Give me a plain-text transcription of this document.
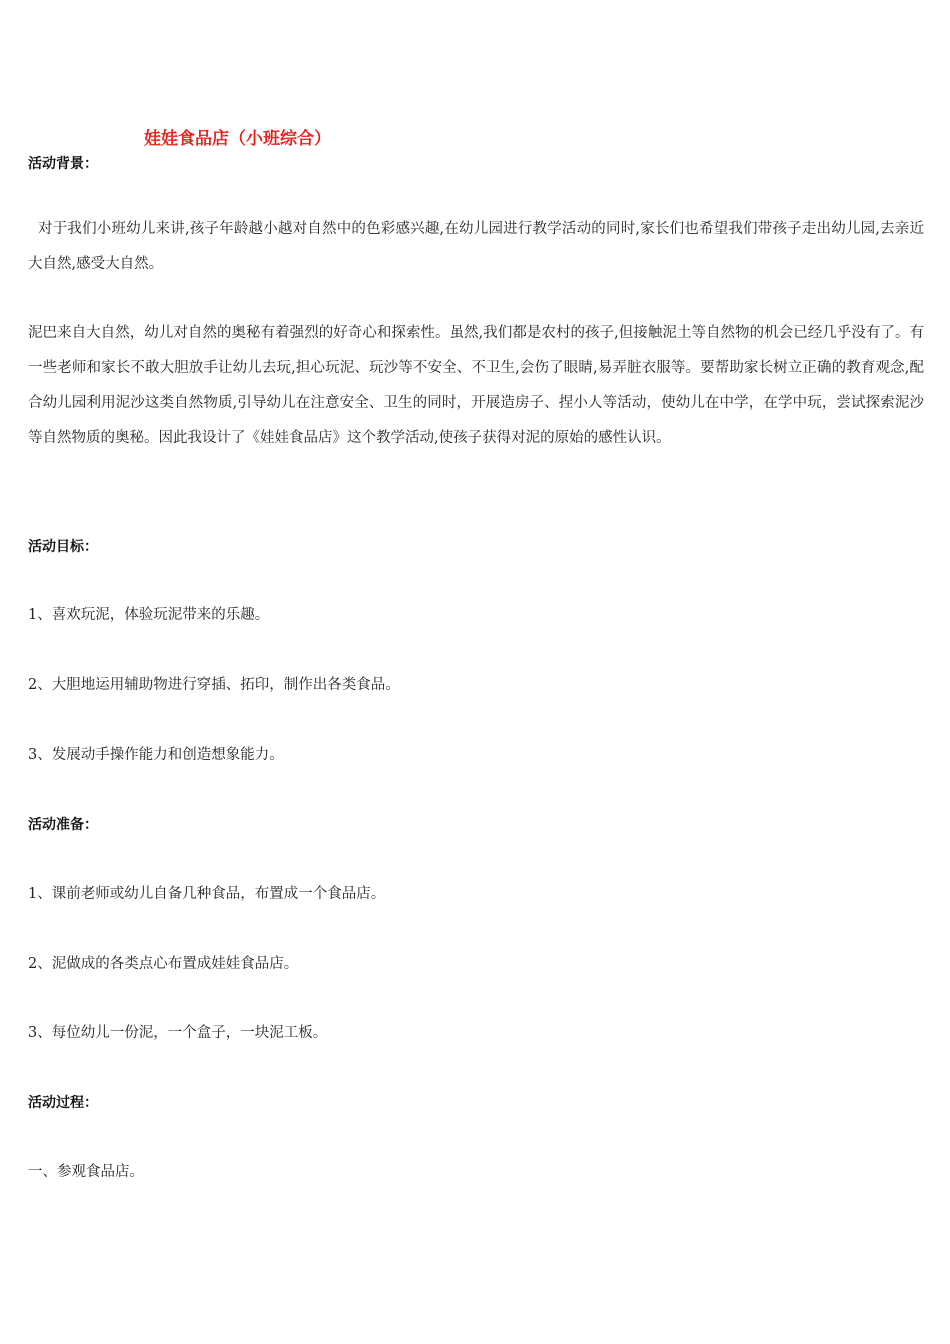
娃娃食品店（小班综合）
活动背景：
对于我们小班幼儿来讲,孩子年龄越小越对自然中的色彩感兴趣,在幼儿园进行教学活动的同时,家长们也希望我们带孩子走出幼儿园,去亲近大自然,感受大自然。
泥巴来自大自然，幼儿对自然的奥秘有着强烈的好奇心和探索性。虽然,我们都是农村的孩子,但接触泥土等自然物的机会已经几乎没有了。有一些老师和家长不敢大胆放手让幼儿去玩,担心玩泥、玩沙等不安全、不卫生,会伤了眼睛,易弄脏衣服等。要帮助家长树立正确的教育观念,配合幼儿园利用泥沙这类自然物质,引导幼儿在注意安全、卫生的同时，开展造房子、捏小人等活动，使幼儿在中学，在学中玩，尝试探索泥沙等自然物质的奥秘。因此我设计了《娃娃食品店》这个教学活动,使孩子获得对泥的原始的感性认识。
活动目标：
1、喜欢玩泥，体验玩泥带来的乐趣。
2、大胆地运用辅助物进行穿插、拓印，制作出各类食品。
3、发展动手操作能力和创造想象能力。
活动准备：
1、课前老师或幼儿自备几种食品，布置成一个食品店。
2、泥做成的各类点心布置成娃娃食品店。
3、每位幼儿一份泥，一个盒子，一块泥工板。
活动过程：
一、参观食品店。
